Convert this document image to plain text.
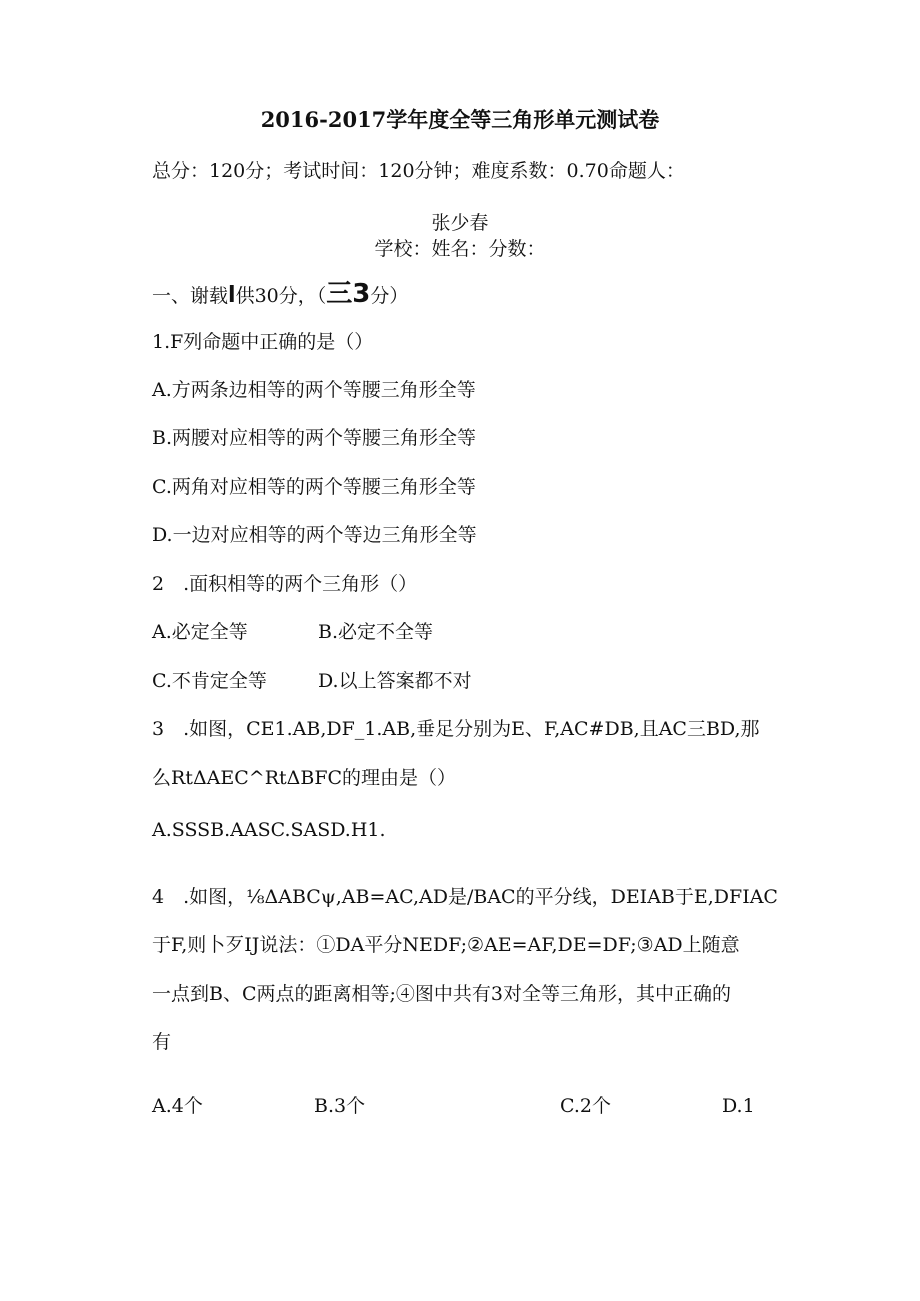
2016-2017学年度全等三角形单元测试卷
总分：120分；考试时间：120分钟；难度系数：0.70命题人：
张少春
学校：姓名：分数：
一、谢载l供30分，（三3分）
1.F列命题中正确的是（）
A.方两条边相等的两个等腰三角形全等
B.两腰对应相等的两个等腰三角形全等
C.两角对应相等的两个等腰三角形全等
D.一边对应相等的两个等边三角形全等
2　.面积相等的两个三角形（）
A.必定全等	B.必定不全等
C.不肯定全等	D.以上答案都不对
3　.如图，CE1.AB,DF_1.AB,垂足分别为E、F,AC#DB,且AC三BD,那
么RtΔAEC^RtΔBFC的理由是（）
A.SSSB.AASC.SASD.H1.
4　.如图，⅛ΔABCψ,AB=AC,AD是/BAC的平分线，DEIAB于E,DFIAC
于F,则卜歹IJ说法：①DA平分NEDF;②AE=AF,DE=DF;③AD上随意
一点到B、C两点的距离相等;④图中共有3对全等三角形，其中正确的
有
A.4个	B.3个	C.2个	D.1
